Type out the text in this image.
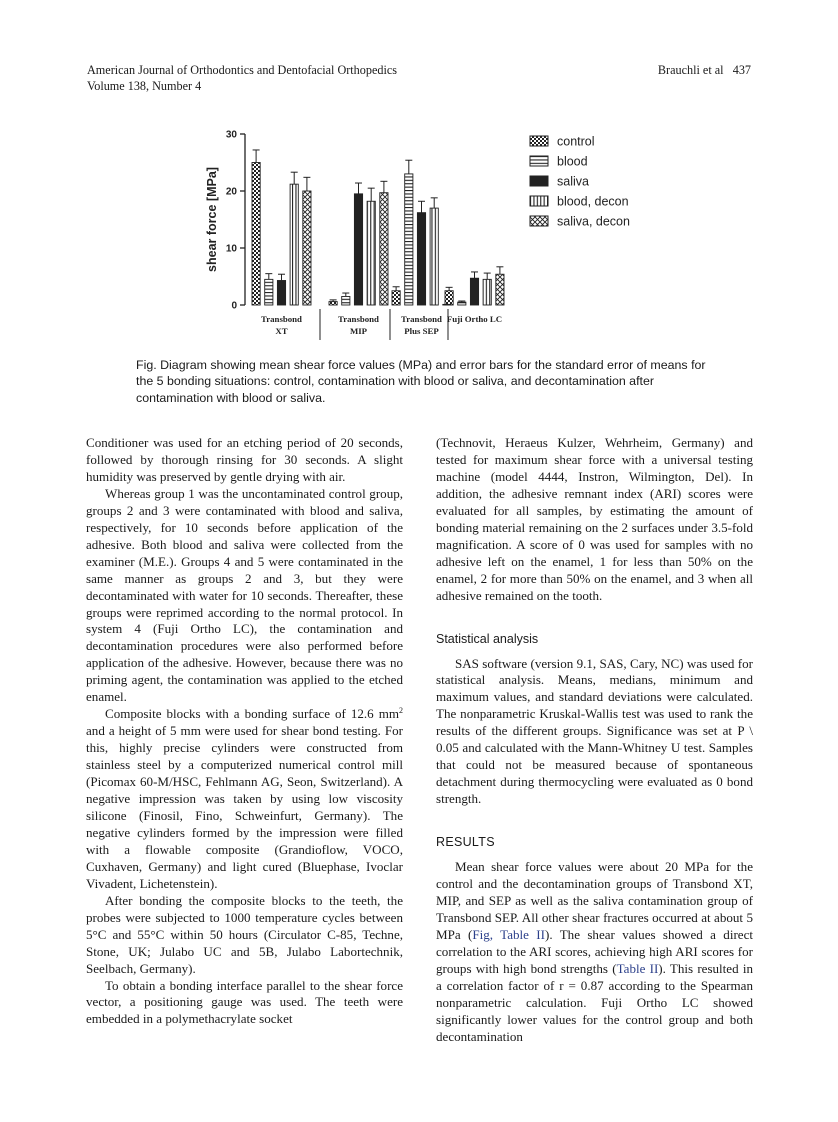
American Journal of Orthodontics and Dentofacial Orthopedics
Volume 138, Number 4
Brauchli et al 437
0
10
20
30
shear force [MPa]
Transbond
XT
Transbond
MIP
Transbond
Plus SEP
Fuji Ortho LC
control
blood
saliva
blood, decon
saliva, decon
Fig. Diagram showing mean shear force values (MPa) and error bars for the standard error of means for the 5 bonding situations: control, contamination with blood or saliva, and decontamination after contamination with blood or saliva.

Conditioner was used for an etching period of 20 seconds, followed by thorough rinsing for 30 seconds. A slight humidity was preserved by gentle drying with air.

Whereas group 1 was the uncontaminated control group, groups 2 and 3 were contaminated with blood and saliva, respectively, for 10 seconds before application of the adhesive. Both blood and saliva were collected from the examiner (M.E.). Groups 4 and 5 were contaminated in the same manner as groups 2 and 3, but they were decontaminated with water for 10 seconds. Thereafter, these groups were reprimed according to the normal protocol. In system 4 (Fuji Ortho LC), the contamination and decontamination procedures were also performed before application of the adhesive. However, because there was no priming agent, the contamination was applied to the etched enamel.

Composite blocks with a bonding surface of 12.6 $mm^2$ and a height of 5 mm were used for shear bond testing. For this, highly precise cylinders were constructed from stainless steel by a computerized numerical control mill (Picomax 60-M/HSC, Fehlmann AG, Seon, Switzerland). A negative impression was taken by using low viscosity silicone (Finosil, Fino, Schweinfurt, Germany). The negative cylinders formed by the impression were filled with a flowable composite (Grandioflow, VOCO, Cuxhaven, Germany) and light cured (Bluephase, Ivoclar Vivadent, Lichetenstein).

After bonding the composite blocks to the teeth, the probes were subjected to 1000 temperature cycles between 5°C and 55°C within 50 hours (Circulator C-85, Techne, Stone, UK; Julabo UC and 5B, Julabo Labortechnik, Seelbach, Germany).

To obtain a bonding interface parallel to the shear force vector, a positioning gauge was used. The teeth were embedded in a polymethacrylate socket

(Technovit, Heraeus Kulzer, Wehrheim, Germany) and tested for maximum shear force with a universal testing machine (model 4444, Instron, Wilmington, Del). In addition, the adhesive remnant index (ARI) scores were evaluated for all samples, by estimating the amount of bonding material remaining on the 2 surfaces under 3.5-fold magnification. A score of 0 was used for samples with no adhesive left on the enamel, 1 for less than 50% on the enamel, 2 for more than 50% on the enamel, and 3 when all adhesive remained on the tooth.

Statistical analysis

SAS software (version 9.1, SAS, Cary, NC) was used for statistical analysis. Means, medians, minimum and maximum values, and standard deviations were calculated. The nonparametric Kruskal-Wallis test was used to rank the results of the different groups. Significance was set at P \ 0.05 and calculated with the Mann-Whitney U test. Samples that could not be measured because of spontaneous detachment during thermocycling were evaluated as 0 bond strength.

RESULTS

Mean shear force values were about 20 MPa for the control and the decontamination groups of Transbond XT, MIP, and SEP as well as the saliva contamination group of Transbond SEP. All other shear fractures occurred at about 5 MPa (Fig, Table II). The shear values showed a direct correlation to the ARI scores, achieving high ARI scores for groups with high bond strengths (Table II). This resulted in a correlation factor of r = 0.87 according to the Spearman nonparametric calculation. Fuji Ortho LC showed significantly lower values for the control group and both decontamination
